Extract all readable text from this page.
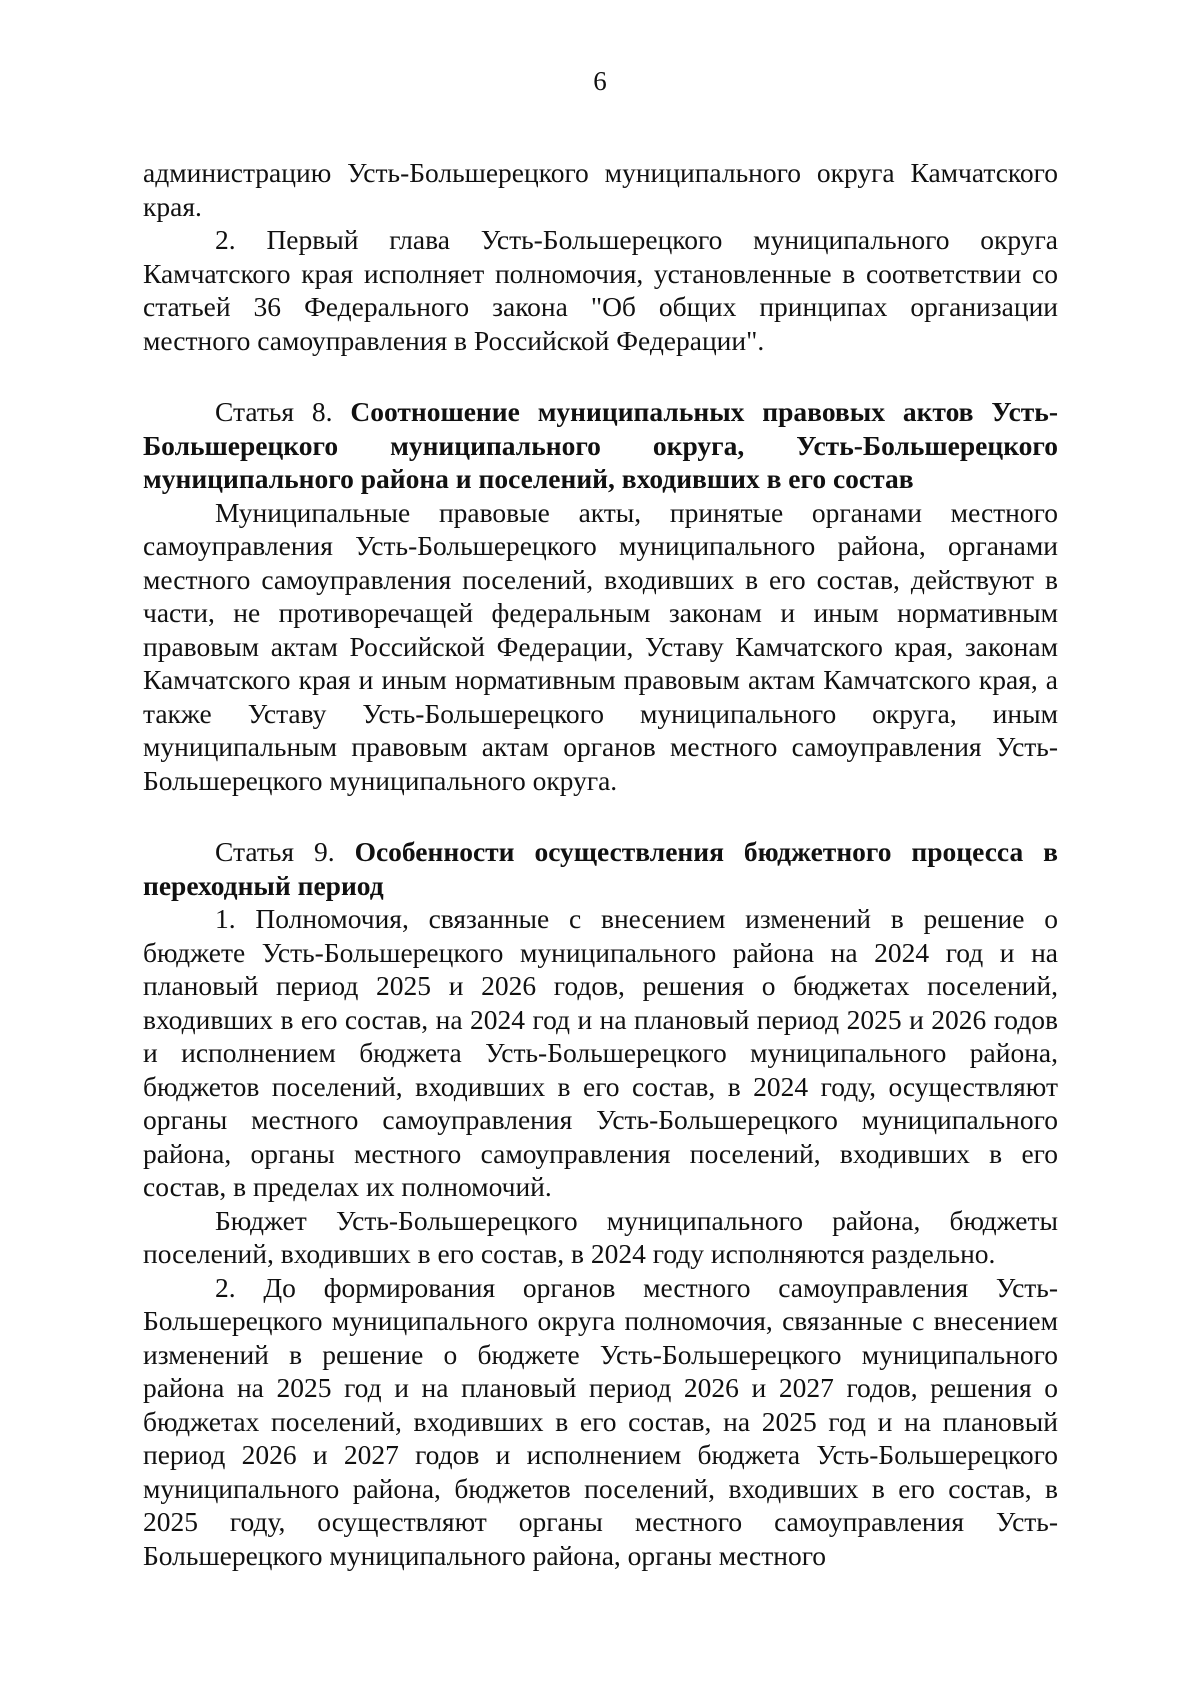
6

администрацию Усть-Большерецкого муниципального округа Камчатского края.

2. Первый глава Усть-Большерецкого муниципального округа Камчатского края исполняет полномочия, установленные в соответствии со статьей 36 Федерального закона "Об общих принципах организации местного самоуправления в Российской Федерации".

Статья 8. Соотношение муниципальных правовых актов Усть-Большерецкого муниципального округа, Усть-Большерецкого муниципального района и поселений, входивших в его состав

Муниципальные правовые акты, принятые органами местного самоуправления Усть-Большерецкого муниципального района, органами местного самоуправления поселений, входивших в его состав, действуют в части, не противоречащей федеральным законам и иным нормативным правовым актам Российской Федерации, Уставу Камчатского края, законам Камчатского края и иным нормативным правовым актам Камчатского края, а также Уставу Усть-Большерецкого муниципального округа, иным муниципальным правовым актам органов местного самоуправления Усть-Большерецкого муниципального округа.

Статья 9. Особенности осуществления бюджетного процесса в переходный период

1. Полномочия, связанные с внесением изменений в решение о бюджете Усть-Большерецкого муниципального района на 2024 год и на плановый период 2025 и 2026 годов, решения о бюджетах поселений, входивших в его состав, на 2024 год и на плановый период 2025 и 2026 годов и исполнением бюджета Усть-Большерецкого муниципального района, бюджетов поселений, входивших в его состав, в 2024 году, осуществляют органы местного самоуправления Усть-Большерецкого муниципального района, органы местного самоуправления поселений, входивших в его состав, в пределах их полномочий.

Бюджет Усть-Большерецкого муниципального района, бюджеты поселений, входивших в его состав, в 2024 году исполняются раздельно.

2. До формирования органов местного самоуправления Усть-Большерецкого муниципального округа полномочия, связанные с внесением изменений в решение о бюджете Усть-Большерецкого муниципального района на 2025 год и на плановый период 2026 и 2027 годов, решения о бюджетах поселений, входивших в его состав, на 2025 год и на плановый период 2026 и 2027 годов и исполнением бюджета Усть-Большерецкого муниципального района, бюджетов поселений, входивших в его состав, в 2025 году, осуществляют органы местного самоуправления Усть-Большерецкого муниципального района, органы местного
